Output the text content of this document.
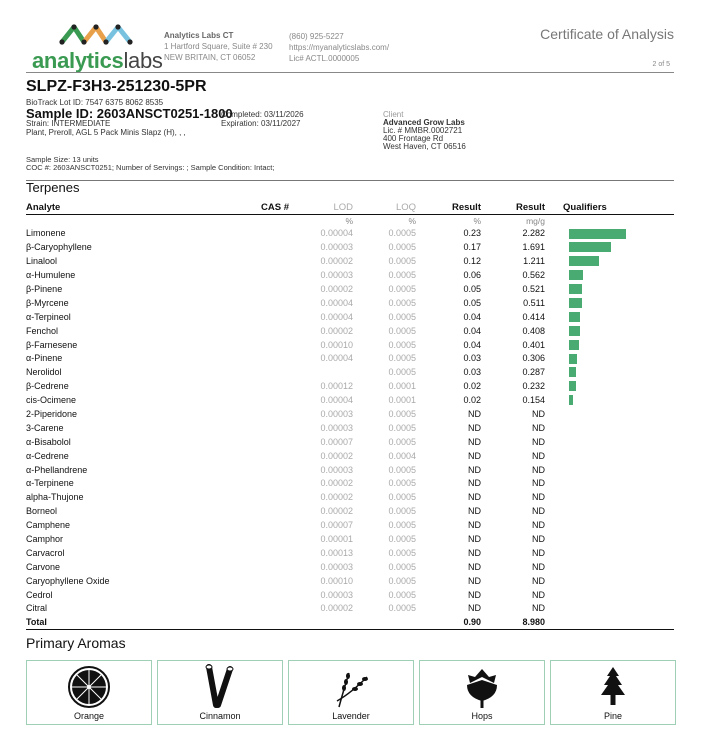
analyticslabs
Analytics Labs CT
1 Hartford Square, Suite # 230
NEW BRITAIN, CT 06052
(860) 925-5227
https://myanalyticslabs.com/
Lic# ACTL.0000005
Certificate of Analysis
2 of 5
SLPZ-F3H3-251230-5PR
BioTrack Lot ID: 7547 6375 8062 8535
Sample ID: 2603ANSCT0251-1800
Completed: 03/11/2026
Expiration: 03/11/2027
Strain: INTERMEDIATE
Plant, Preroll, AGL 5 Pack Minis Slapz (H), , ,
Client
Advanced Grow Labs
Lic. # MMBR.0002721
400 Frontage Rd
West Haven, CT 06516
Sample Size: 13 units
COC #: 2603ANSCT0251; Number of Servings: ; Sample Condition: Intact;
Terpenes
Analyte	CAS #	LOD	LOQ	Result	Result	Qualifiers
		%	%	%	mg/g	
Limonene		0.00004	0.0005	0.23	2.282	

β-Caryophyllene		0.00003	0.0005	0.17	1.691	

Linalool		0.00002	0.0005	0.12	1.211	

α-Humulene		0.00003	0.0005	0.06	0.562	

β-Pinene		0.00002	0.0005	0.05	0.521	

β-Myrcene		0.00004	0.0005	0.05	0.511	

α-Terpineol		0.00004	0.0005	0.04	0.414	

Fenchol		0.00002	0.0005	0.04	0.408	

β-Farnesene		0.00010	0.0005	0.04	0.401	

α-Pinene		0.00004	0.0005	0.03	0.306	

Nerolidol			0.0005	0.03	0.287	

β-Cedrene		0.00012	0.0001	0.02	0.232	

cis-Ocimene		0.00004	0.0001	0.02	0.154	

2-Piperidone		0.00003	0.0005	ND	ND	
3-Carene		0.00003	0.0005	ND	ND	
α-Bisabolol		0.00007	0.0005	ND	ND	
α-Cedrene		0.00002	0.0004	ND	ND	
α-Phellandrene		0.00003	0.0005	ND	ND	
α-Terpinene		0.00002	0.0005	ND	ND	
alpha-Thujone		0.00002	0.0005	ND	ND	
Borneol		0.00002	0.0005	ND	ND	
Camphene		0.00007	0.0005	ND	ND	
Camphor		0.00001	0.0005	ND	ND	
Carvacrol		0.00013	0.0005	ND	ND	
Carvone		0.00003	0.0005	ND	ND	
Caryophyllene Oxide		0.00010	0.0005	ND	ND	
Cedrol		0.00003	0.0005	ND	ND	
Citral		0.00002	0.0005	ND	ND	
Total				0.90	8.980	
Primary Aromas
Orange	Cinnamon	Lavender	Hops	Pine
